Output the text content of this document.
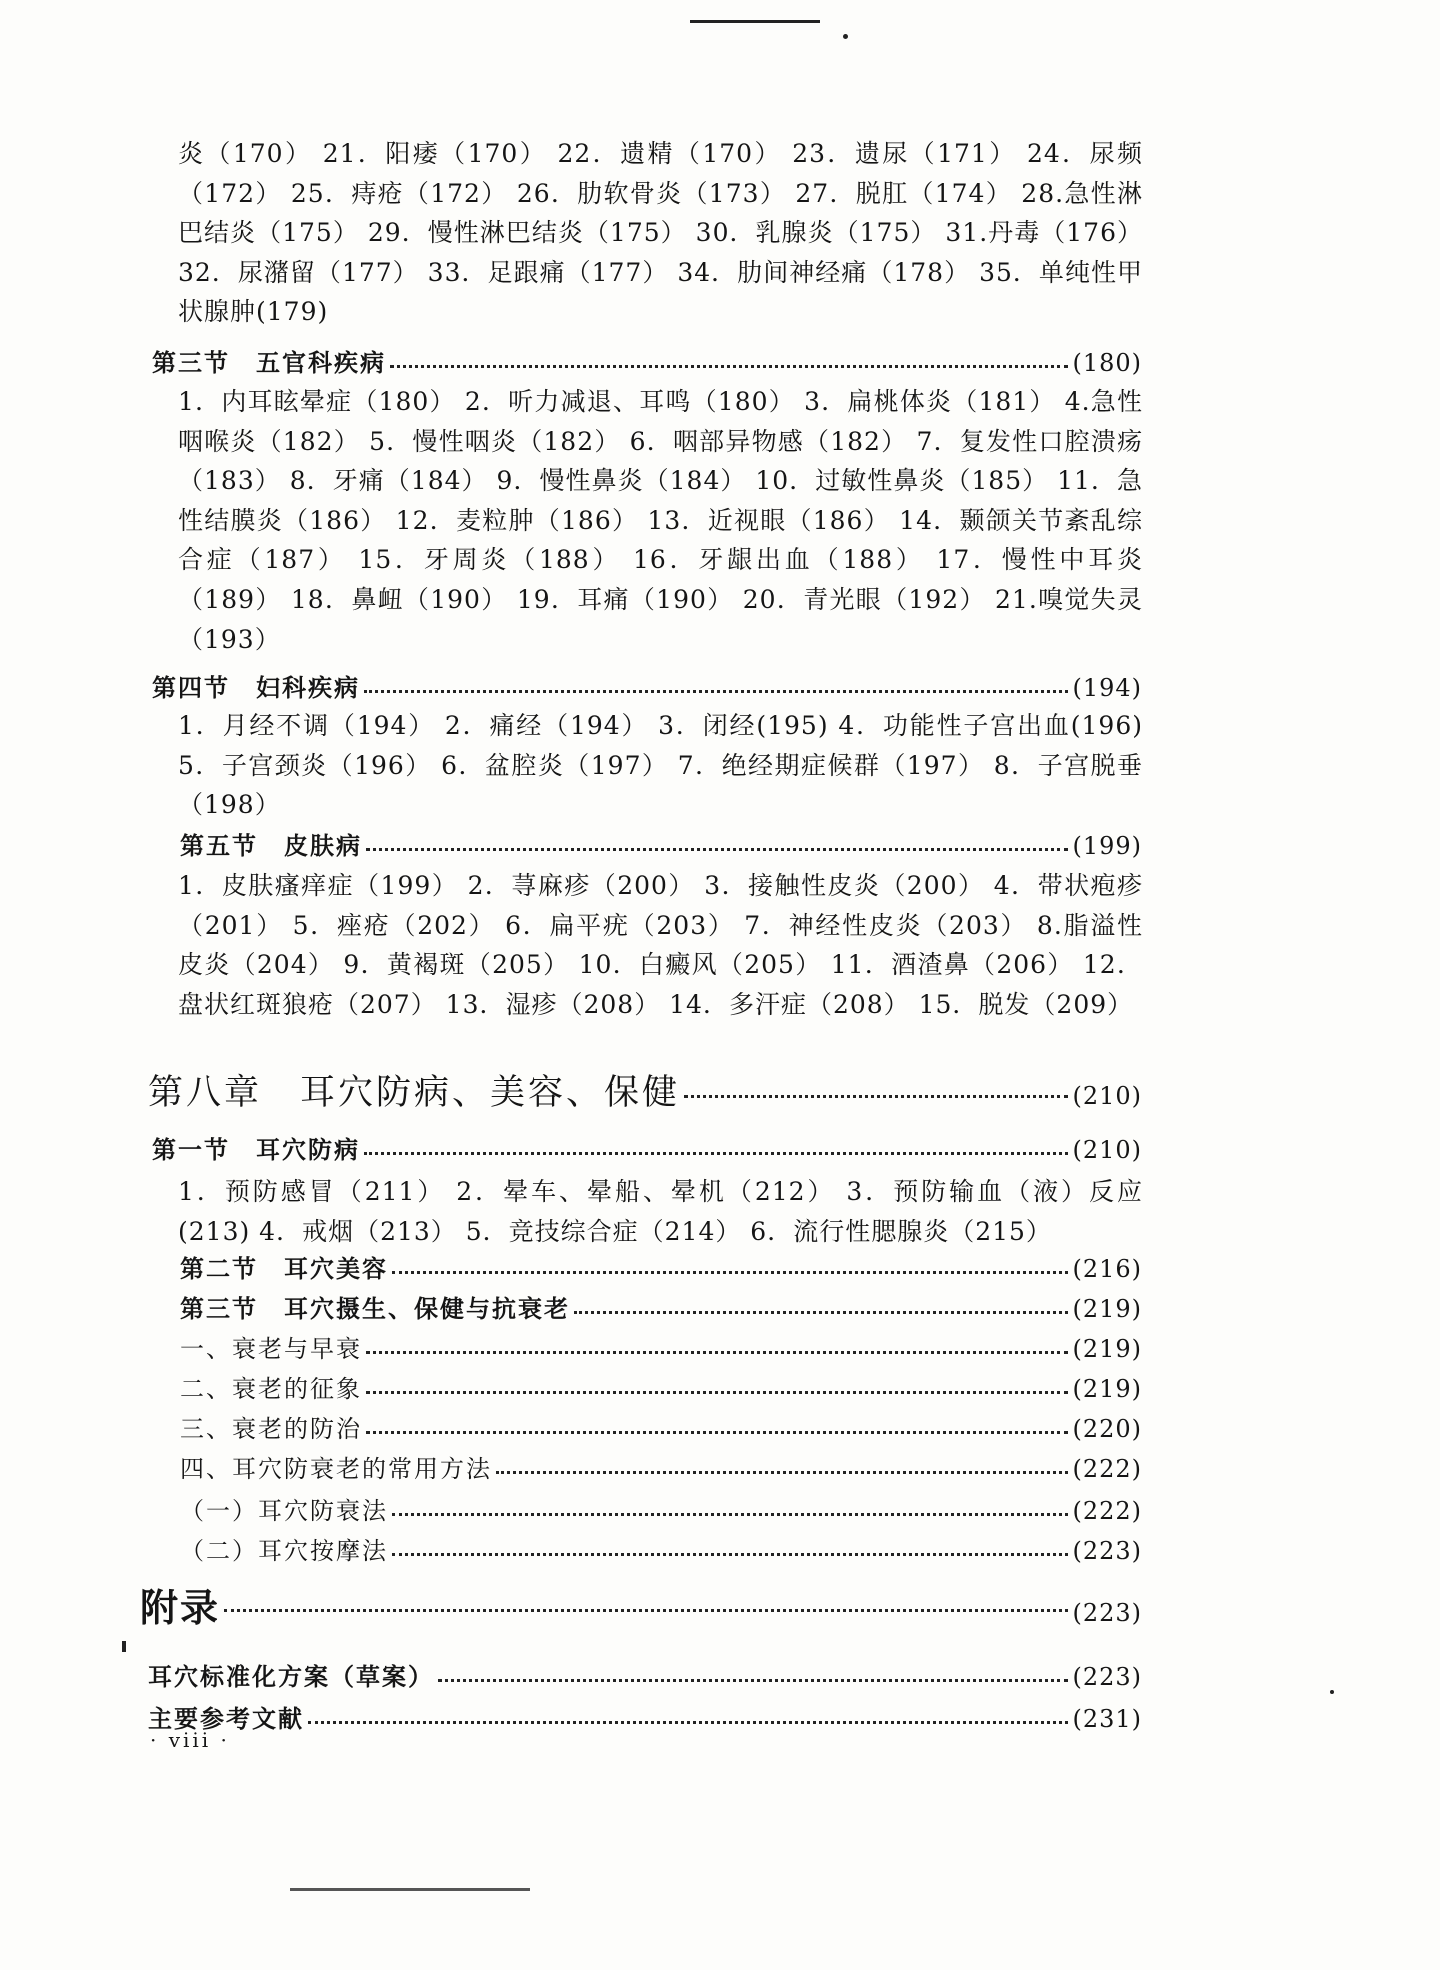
炎（170） 21．阳痿（170） 22．遗精（170） 23．遗尿（171） 24．尿频（172） 25．痔疮（172） 26．肋软骨炎（173） 27．脱肛（174） 28.急性淋巴结炎（175） 29．慢性淋巴结炎（175） 30．乳腺炎（175） 31.丹毒（176） 32．尿潴留（177） 33．足跟痛（177） 34．肋间神经痛（178） 35．单纯性甲状腺肿(179)

第三节　五官科疾病	(180)

1．内耳眩晕症（180） 2．听力减退、耳鸣（180） 3．扁桃体炎（181） 4.急性咽喉炎（182） 5．慢性咽炎（182） 6．咽部异物感（182） 7．复发性口腔溃疡（183） 8．牙痛（184） 9．慢性鼻炎（184） 10．过敏性鼻炎（185） 11．急性结膜炎（186） 12．麦粒肿（186） 13．近视眼（186） 14．颞颌关节紊乱综合症（187） 15．牙周炎（188） 16．牙龈出血（188） 17．慢性中耳炎（189） 18．鼻衄（190） 19．耳痛（190） 20．青光眼（192） 21.嗅觉失灵（193）

第四节　妇科疾病	(194)

1．月经不调（194） 2．痛经（194） 3．闭经(195) 4．功能性子宫出血(196) 5．子宫颈炎（196） 6．盆腔炎（197） 7．绝经期症候群（197） 8．子宫脱垂（198）

第五节　皮肤病	(199)

1．皮肤瘙痒症（199） 2．荨麻疹（200） 3．接触性皮炎（200） 4．带状疱疹（201） 5．痤疮（202） 6．扁平疣（203） 7．神经性皮炎（203） 8.脂溢性皮炎（204） 9．黄褐斑（205） 10．白癜风（205） 11．酒渣鼻（206） 12．盘状红斑狼疮（207） 13．湿疹（208） 14．多汗症（208） 15．脱发（209）

第八章　耳穴防病、美容、保健	(210)
第一节　耳穴防病	(210)

1．预防感冒（211） 2．晕车、晕船、晕机（212） 3．预防输血（液）反应(213) 4．戒烟（213） 5．竞技综合症（214） 6．流行性腮腺炎（215）

第二节　耳穴美容	(216)
第三节　耳穴摄生、保健与抗衰老	(219)
一、衰老与早衰	(219)
二、衰老的征象	(219)
三、衰老的防治	(220)
四、耳穴防衰老的常用方法	(222)
（一）耳穴防衰法	(222)
（二）耳穴按摩法	(223)
附录	(223)
耳穴标准化方案（草案）	(223)
主要参考文献	(231)
· viii ·
